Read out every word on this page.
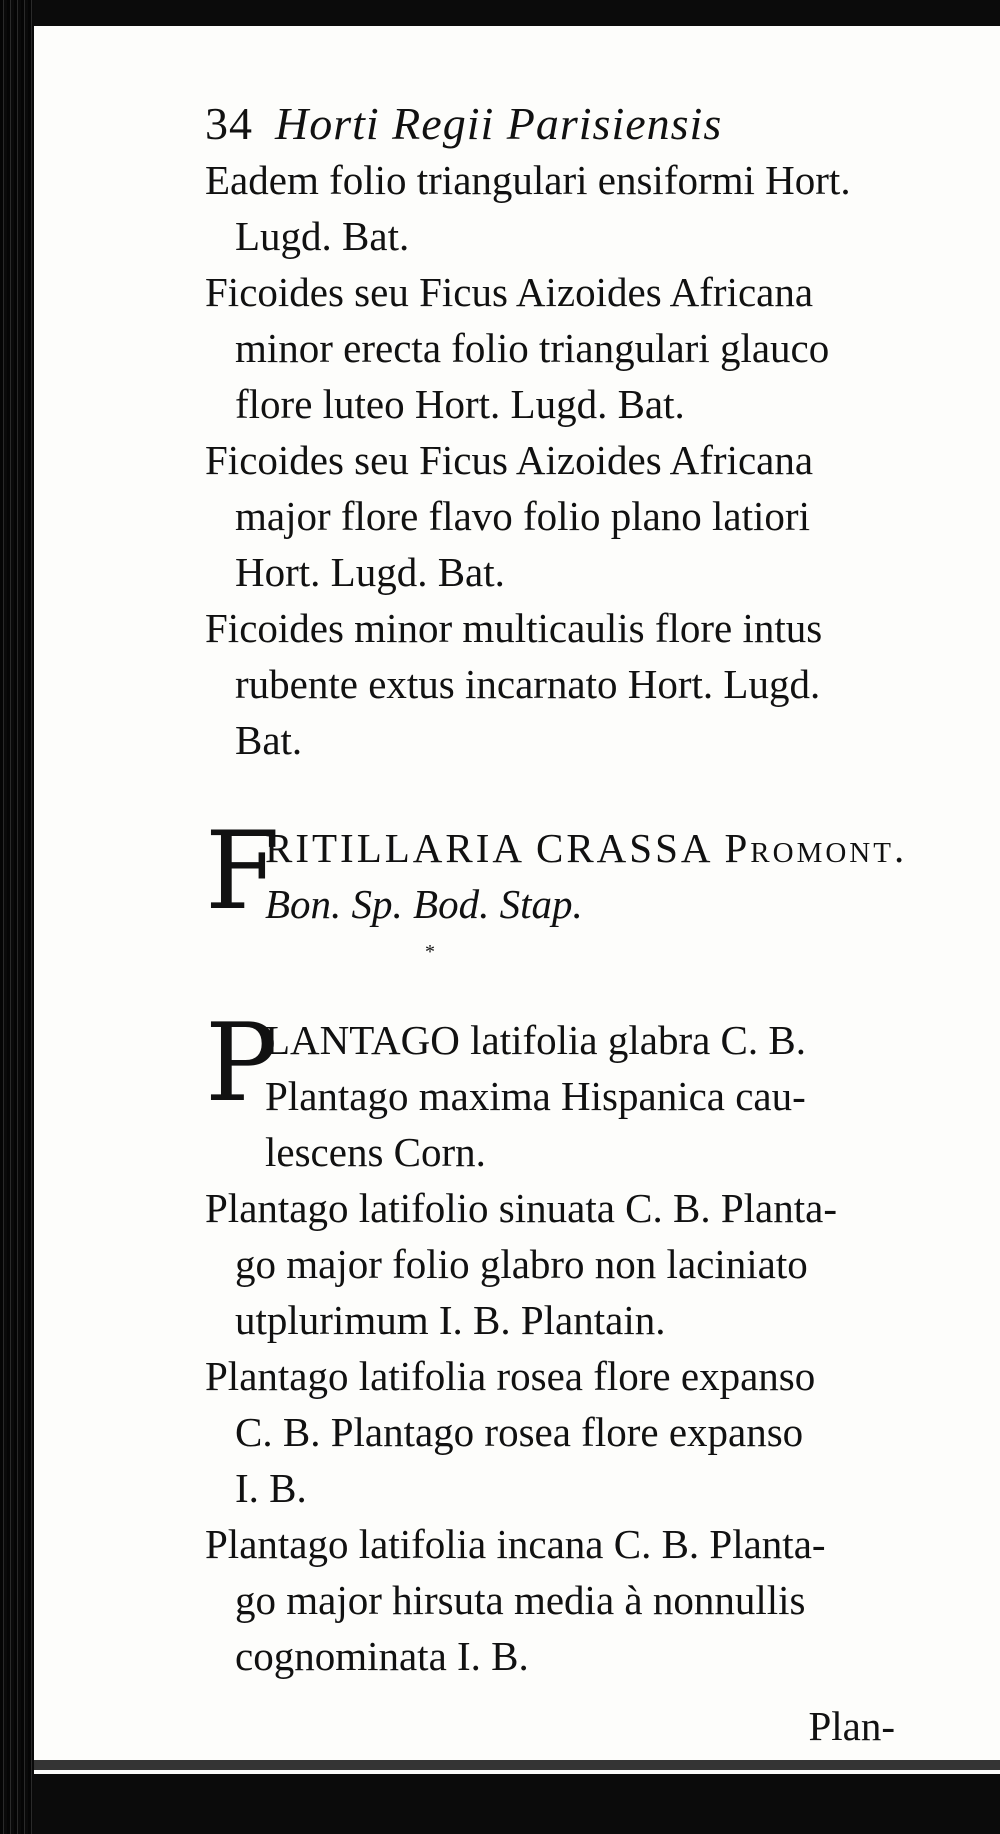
34 Horti Regii Parisiensis
Eadem folio triangulari ensiformi Hort.
Lugd. Bat.
Ficoides seu Ficus Aizoides Africana
minor erecta folio triangulari glauco
flore luteo Hort. Lugd. Bat.
Ficoides seu Ficus Aizoides Africana
major flore flavo folio plano latiori
Hort. Lugd. Bat.
Ficoides minor multicaulis flore intus
rubente extus incarnato Hort. Lugd.
Bat.
F
RITILLARIA CRASSA Promont.
Bon. Sp. Bod. Stap.
*
P
LANTAGO latifolia glabra C. B.
Plantago maxima Hispanica cau-
lescens Corn.
Plantago latifolio sinuata C. B. Planta-
go major folio glabro non laciniato
utplurimum I. B. Plantain.
Plantago latifolia rosea flore expanso
C. B. Plantago rosea flore expanso
I. B.
Plantago latifolia incana C. B. Planta-
go major hirsuta media à nonnullis
cognominata I. B.
Plan-
